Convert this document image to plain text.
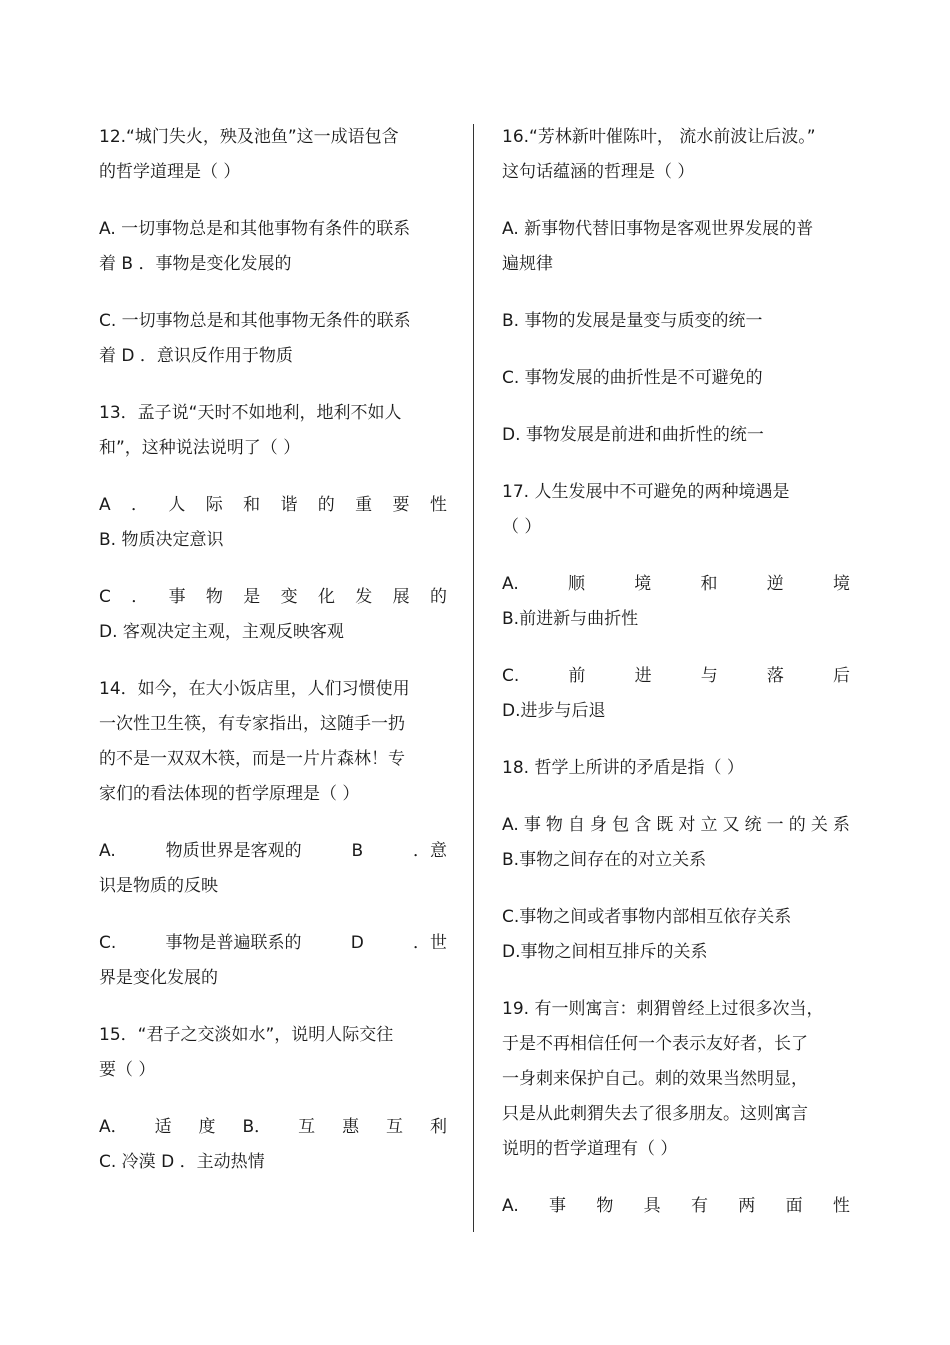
12.“城门失火，殃及池鱼”这一成语包含
的哲学道理是（ ）
A. 一切事物总是和其他事物有条件的联系
着 B ．事物是变化发展的
C. 一切事物总是和其他事物无条件的联系
着 D ．意识反作用于物质
13．孟子说“天时不如地利，地利不如人
和”，这种说法说明了（ ）
A ． 人 际 和 谐 的 重 要 性
B. 物质决定意识
C ． 事 物 是 变 化 发 展 的
D. 客观决定主观，主观反映客观
14．如今，在大小饭店里，人们习惯使用
一次性卫生筷，有专家指出，这随手一扔
的不是一双双木筷，而是一片片森林！专
家们的看法体现的哲学原理是（ ）
A.	物质世界是客观的	B	．意
识是物质的反映
C.	事物是普遍联系的	D	．世
界是变化发展的
15．“君子之交淡如水”，说明人际交往
要（ ）
A． 适 度 B． 互 惠 互 利
C. 冷漠 D ．主动热情
16.“芳林新叶催陈叶， 流水前波让后波。”
这句话蕴涵的哲理是（ ）
A. 新事物代替旧事物是客观世界发展的普
遍规律
B. 事物的发展是量变与质变的统一
C. 事物发展的曲折性是不可避免的
D. 事物发展是前进和曲折性的统一
17. 人生发展中不可避免的两种境遇是
（ ）
A.	顺	境	和	逆	境
B.前进新与曲折性
C.	前	进	与	落	后
D.进步与后退
18. 哲学上所讲的矛盾是指（ ）
A. 事 物 自 身 包 含 既 对 立 又 统 一 的 关 系
B.事物之间存在的对立关系
C.事物之间或者事物内部相互依存关系
D.事物之间相互排斥的关系
19. 有一则寓言：刺猬曾经上过很多次当，
于是不再相信任何一个表示友好者，长了
一身刺来保护自己。刺的效果当然明显，
只是从此刺猬失去了很多朋友。这则寓言
说明的哲学道理有（ ）
A. 事 物 具 有 两 面 性
